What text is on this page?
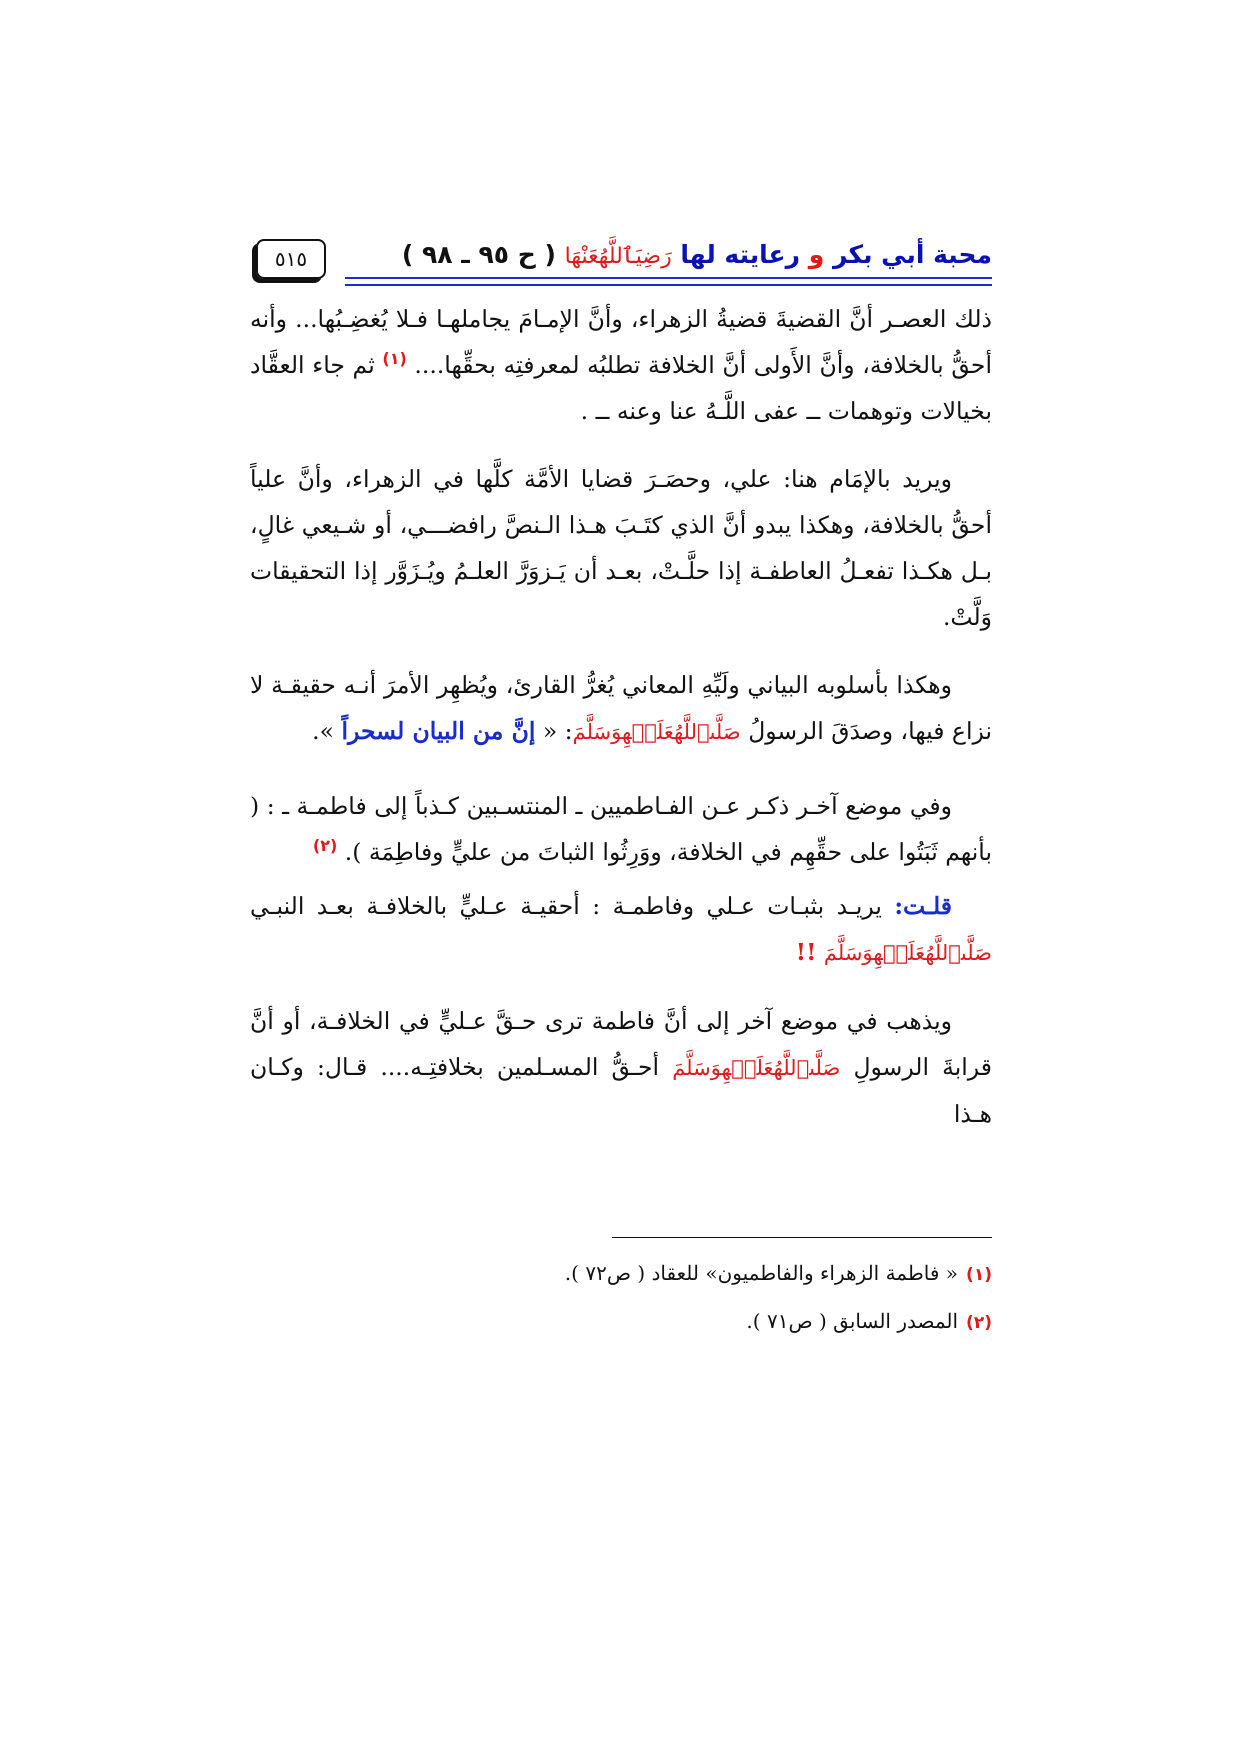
محبة أبي بكر و رعايته لها رَضِيَٱللَّهُعَنْهَا ( ح ٩٥ ـ ٩٨ )
٥١٥

ذلك العصـر أنَّ القضيةَ قضيةُ الزهراء، وأنَّ الإمـامَ يجاملهـا فـلا يُغضِـبُها... وأنه أحقُّ بالخلافة، وأنَّ الأَولى أنَّ الخلافة تطلبُه لمعرفتِه بحقِّها.... $^{(١)}$ ثم جاء العقَّاد بخيالات وتوهمات ــ عفى اللَّـهُ عنا وعنه ــ .

ويريد بالإمَام هنا: علي، وحصَـرَ قضايا الأمَّة كلَّها في الزهراء، وأنَّ علياً أحقُّ بالخلافة، وهكذا يبدو أنَّ الذي كتَـبَ هـذا الـنصَّ رافضـــي، أو شـيعي غالٍ، بـل هكـذا تفعـلُ العاطفـة إذا حلَّـتْ، بعـد أن يَـزوَرَّ العلـمُ ويُـزَوَّر إذا التحقيقات وَلَّتْ.

وهكذا بأسلوبه البياني ولَيِّهِ المعاني يُغرُّ القارئ، ويُظهِر الأمرَ أنـه حقيقـة لا نزاع فيها، وصدَقَ الرسولُ صَلَّىٱللَّهُعَلَيۡهِوَسَلَّمَ: « إنَّ من البيان لسحراً ».

وفي موضع آخـر ذكـر عـن الفـاطميين ـ المنتسـبين كـذباً إلى فاطمـة ـ : ( بأنهم ثَبَتُوا على حقِّهِم في الخلافة، ووَرِثُوا الثباتَ من عليٍّ وفاطِمَة ). $^{(٢)}$

قلـت: يريـد بثبـات عـلي وفاطمـة : أحقيـة عـليٍّ بالخلافـة بعـد النبـي صَلَّىٱللَّهُعَلَيۡهِوَسَلَّمَ !!

ويذهب في موضع آخر إلى أنَّ فاطمة ترى حـقَّ عـليٍّ في الخلافـة، أو أنَّ قرابةَ الرسولِ صَلَّىٱللَّهُعَلَيۡهِوَسَلَّمَ أحـقُّ المسـلمين بخلافتِـه.... قـال: وكـان هـذا

(١)« فاطمة الزهراء والفاطميون» للعقاد ( ص٧٢ ).

(٢)المصدر السابق ( ص٧١ ).
